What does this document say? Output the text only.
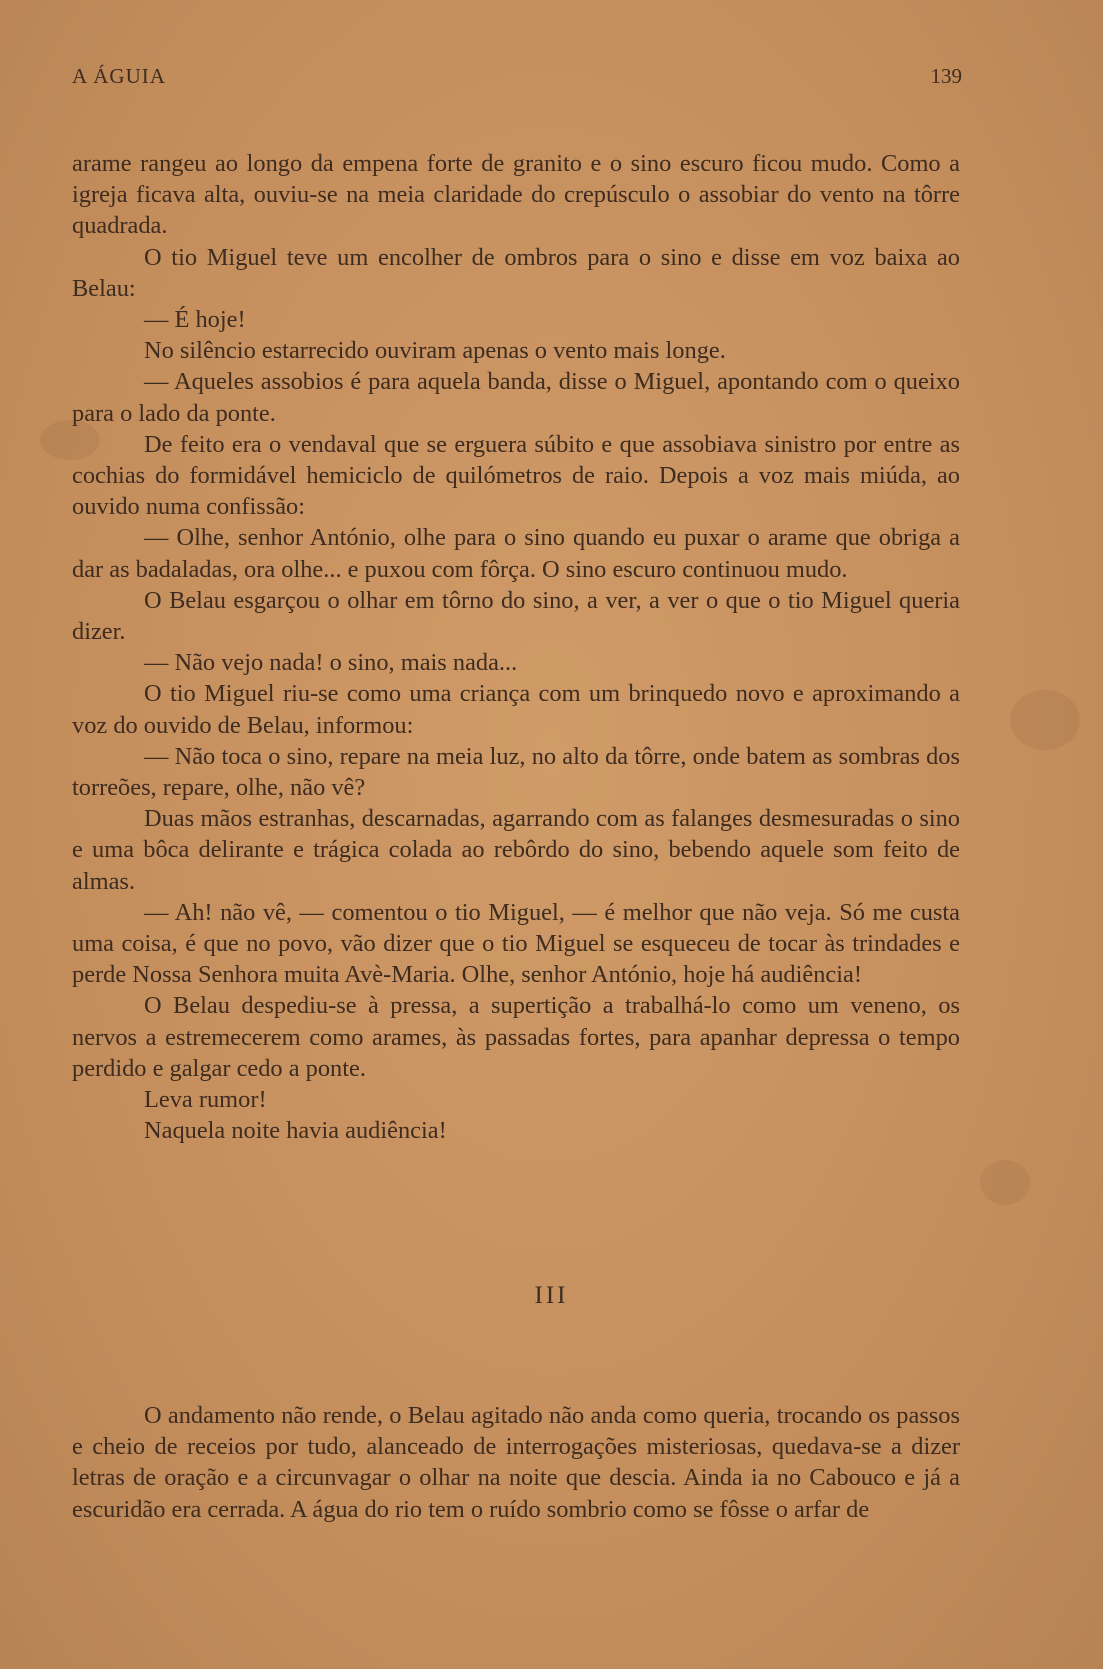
A ÁGUIA	139

arame rangeu ao longo da empena forte de granito e o sino escuro ficou mudo. Como a igreja ficava alta, ouviu-se na meia claridade do crepúsculo o assobiar do vento na tôrre quadrada.

O tio Miguel teve um encolher de ombros para o sino e disse em voz baixa ao Belau:

— É hoje!

No silêncio estarrecido ouviram apenas o vento mais longe.

— Aqueles assobios é para aquela banda, disse o Miguel, apontando com o queixo para o lado da ponte.

De feito era o vendaval que se erguera súbito e que assobiava sinistro por entre as cochias do formidável hemiciclo de quilómetros de raio. Depois a voz mais miúda, ao ouvido numa confissão:

— Olhe, senhor António, olhe para o sino quando eu puxar o arame que obriga a dar as badaladas, ora olhe... e puxou com fôrça. O sino escuro continuou mudo.

O Belau esgarçou o olhar em tôrno do sino, a ver, a ver o que o tio Miguel queria dizer.

— Não vejo nada! o sino, mais nada...

O tio Miguel riu-se como uma criança com um brinquedo novo e aproximando a voz do ouvido de Belau, informou:

— Não toca o sino, repare na meia luz, no alto da tôrre, onde batem as sombras dos torreões, repare, olhe, não vê?

Duas mãos estranhas, descarnadas, agarrando com as falanges desmesuradas o sino e uma bôca delirante e trágica colada ao rebôrdo do sino, bebendo aquele som feito de almas.

— Ah! não vê, — comentou o tio Miguel, — é melhor que não veja. Só me custa uma coisa, é que no povo, vão dizer que o tio Miguel se esqueceu de tocar às trindades e perde Nossa Senhora muita Avè-Maria. Olhe, senhor António, hoje há audiência!

O Belau despediu-se à pressa, a supertição a trabalhá-lo como um veneno, os nervos a estremecerem como arames, às passadas fortes, para apanhar depressa o tempo perdido e galgar cedo a ponte.

Leva rumor!

Naquela noite havia audiência!

III

O andamento não rende, o Belau agitado não anda como queria, trocando os passos e cheio de receios por tudo, alanceado de interrogações misteriosas, quedava-se a dizer letras de oração e a circunvagar o olhar na noite que descia. Ainda ia no Cabouco e já a escuridão era cerrada. A água do rio tem o ruído sombrio como se fôsse o arfar de
